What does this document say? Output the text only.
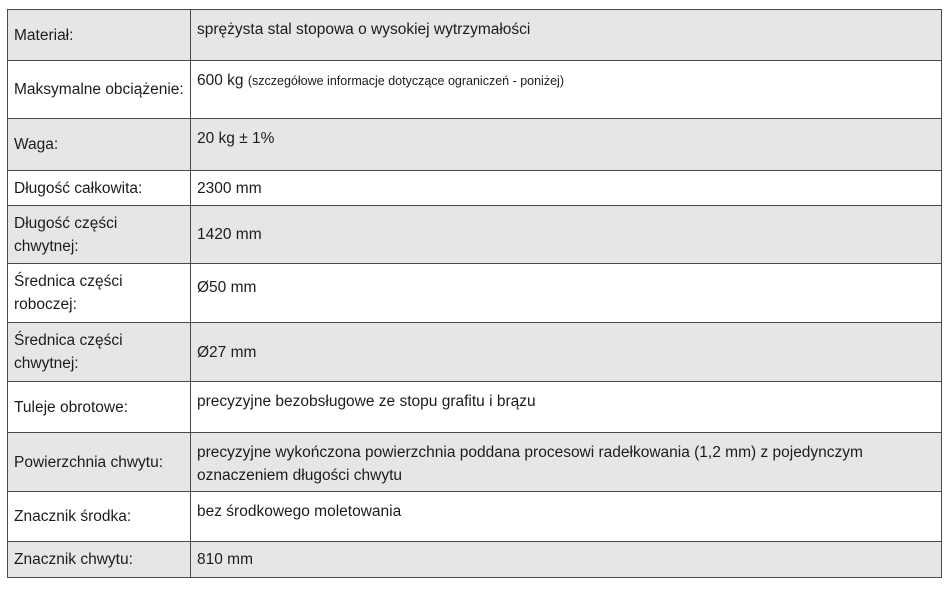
Materiał:	sprężysta stal stopowa o wysokiej wytrzymałości
Maksymalne obciążenie:	600 kg (szczegółowe informacje dotyczące ograniczeń - poniżej)
Waga:	20 kg ± 1%
Długość całkowita:	2300 mm
Długość części chwytnej:	1420 mm
Średnica części roboczej:	Ø50 mm
Średnica części chwytnej:	Ø27 mm
Tuleje obrotowe:	precyzyjne bezobsługowe ze stopu grafitu i brązu
Powierzchnia chwytu:	precyzyjne wykończona powierzchnia poddana procesowi radełkowania (1,2 mm) z pojedynczym oznaczeniem długości chwytu
Znacznik środka:	bez środkowego moletowania
Znacznik chwytu:	810 mm
